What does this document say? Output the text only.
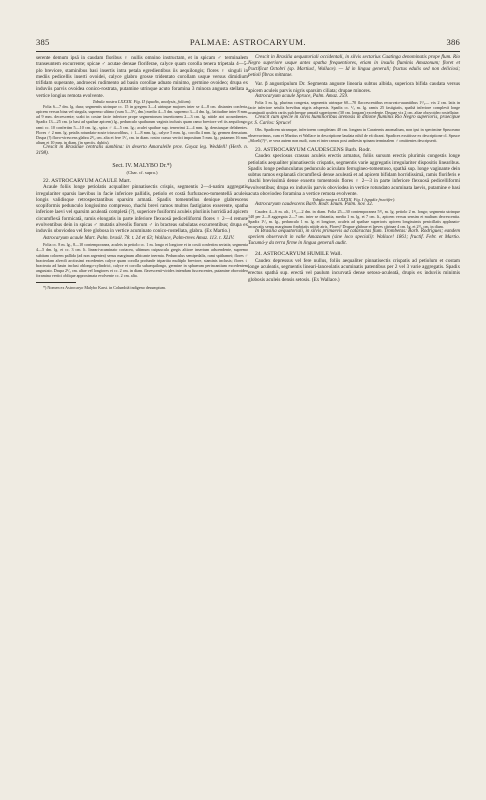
385	PALMAE: ASTROCARYUM.	386

serente demum ipsā in caudam floribus ♀ nullis omnino instructam, et in spicam ♂ terminalem transeuntem excurrente; spicae ♂ acutae densae floriferae, calyce quam corolla tenera tripetala 4—5-plo breviore, staminibus basi insertis intra petala egredientibus iis aequilongis; flores ♀ singuli in mediis pedicellis inserti ovoidei, calyce glabro grosse tridentato corollam usque versus dimidium trifidam superante, androecei rudimento ad basin corollae adnato minimo, germine ovoideo; drupa ex induviis parvis ovoidea conico-rostrata, putamine utrinque acuto foramina 3 minora angusta stellata a vertice longius remota evolvente.

Tabula nostra LXXXII. Fig. II (spadix, analysis, folium).

Folia 6—7 dm. lg. dura; segmentis utrinque cc. 15 in gregem 3—4 utrinque majores inter se 4—8 cm. distantes conferta, apicem versus bina vel singula, supremo ultimo (cum 5—5¹/₂ dm.) medio 4—5 dm. supremo 3—4 dm. lg., latitudine inter 8 mm. ad 9 mm. decrescente; scabi in costae facie inferiore prope segmentorum insertionem 2—3 cm. lg. nitide atri accumbentes. Spadix 13—25 cm. (a basi ad spathae apicem) lg., pedunculo spatharum vaginis inclusis quam ramo breviore vel iis aequilongo; rami cc. 10 confertim 5—10 cm. lg., spica ♂ 4—5 cm. lg.; aculei spathae sup. tenerrimi 2—4 mm. lg. densiusque delabentes. Flores ♂ 2 mm. lg. petalis rotundato-acute triuscrolibus, ♀ 1—8 mm. lg., calyce 5 mm. lg., corolla 4 mm. lg. germen densatum. Drupa (!) flavo-virescens glabra 2¹/₂ cm. alta et fere 1¹/₂ cm. in diam. rostro crasso vertici impositum 5 mm. lg.; putamen 16 mm. altum et 10 mm. in diam. (in speciis. dubiis).

Crescit in Brasiliae centralis sumbina: in deserto Amaralelle prov. Goyaz leg. Weddell! (Herb. n. 3198).

Sect. IV. MALYBO Dr.*)
(Char. cf. supra.)
22. ASTROCARYUM ACAULE Mart.

Acaule foliis longe petiolatis acqualiter pinnatisectis crispis, segmentis 2—4-natim aggregatis irregulariter sparsis laevibus in facie inferiore pallidis, petiolo et costā furfuraceo-tomentellā aculeis longis validisque retrospectantibus sparsim armatā. Spadix tomentellus denique glabrescens scopiformis pedunculo longissimo compresso, rhachi brevi ramos multos fastigiatos exserente, spatha inferiore laevi vel sparsim aculeatā completā (?), superiore fusiformi aculeis pluriinis horridā ad apicem circumflexā formicatā, ramis elongatis in parte inferiore flexuosā pedicelliformi flores ♀ 2—4 remote evolventibus dein in spicas ♂ mutatis alveolis florum ♂ in bracteas subulatas excurrentibus; drupa ex induviis oboviodea vel fere globosa in vertice acuminato conico-rostellata, glabra. (Ex Martio.)

Astrocaryum acaule Mart. Palm. brasil. 78. t. 24 et 63; Wallace, Palm-trees Amaz. 113. t. XLIV.

Folia cc. 8 m. lg., 8—10 contemporanea, aculeis in petiolo cc. 1 m. longo et longiore et in costā confertim seriatis; segmenta 4—5 dm. lg. et cc. 3 cm. lt. lineari-acuminato coriacea, ultimum cuipuscula gregis altiore insertum adscendente, supremo subitam colorem pallida (ad non argentea) sensu marginum albicante inermia. Pedunculus semipedalis, rami spithamei; flores ♂ bracteolam alveoli arctissimi excedentes calyce quam corolla profunde tripartita multiplo breviore, staminis inclusis; flores ♀ bracteata ad basin inclusi oblongo-cylindrici, calyce et corolla subaequilongo, germine in sphaeram perincantium excedentem angustato. Drupa 2¹/₂ cm. altae vel longiores et cc. 2 cm. in diam. flavescenti-virides intendum fuscescentes, putamine obovoideo foramina vertici oblique approximata evolvente cc. 2 cm. alta.

*) Nomen ex Astrocaryo Malybo Karst. in Columbiā indigeno desumptum.

Crescit in Brasilia aequatoriali occidentali, in silvis sectarius Caatinga denominatis prope flum. Rio Negro superiore usque antes spatha frequentiores, etiam in insulis fluminis Amazonum; floret et fructificat Octobri (sp. Martius!, Wallace). — Id in lingua generali; fructus edulis sed non deliciosi; petioli fibras mittatae.

Var. β angustipulum Dr. Segmenta anguste linearia subtus albida, superiora bifida caudata versus apicem aculeis parvis nigris sparsim ciliata; drupae minores.

Astrocaryum acaule Spruce, Palm. Amaz. 259.

Folia 3 m. lg. plurima congesta, segmentis utrinque 60—70 flaccescentibus recurvato-auantiibus 1¹/₂— vix 2 cm. latis in facie inferiore setulis brevibus nigris adspersis. Spadix cc. ¹/₂ m. lg. ramis 25 fastigiatis, spathā inferiore complevā longe acuminatā aculeis rariis pulchreque armatā superiorem (30 cm. longam) excedente. Drupae vix 2 cm. altae obovoideo rostellatae.

Crescit cum specie in silvis humilioribus arenosis in ditione fluminis Rio Negro superioris, praecipue pr. S. Carlos: Spruce!

Obs. Spadicem utramque, inferiorem completam 40 cm. longam in Caraternis anomalium, non ipsi in specimine Spruceano observavimus, cum et Martius et Wallace in descriptione laudata nihil de eā dicant. Spadices exstitisse ex descriptione cl. Spruce „Siloeli(?)“, re vera autem non nudi, cum et inter ramos post anthesin spinam terminalem ♂ omittentes descripserit.

23. ASTROCARYUM CAUDESCENS Barb. Rodr.

Caudex speciosus crassus aculeis erectis armatus, foliis sursum erectis plurimis congestis longe petiolatis aequaliter pinnatisectis crispatis, segmentis varie aggregatis irregulariter dispositis linearibus. Spadix longe pedunculatus pedunculo aciculato ferrugineo-tomentoso, spathā sup. longe vaginante dein subtus ramos explanatā circumflexā dense aculeatā et ad apicem bifidam horridissimā, ramis floriferis e rhachi brevissimā dense exserto tomentosis flores ♀ 2—3 in parte inferiore flexuosā pedicelliformi evolventibus; drupa ex induviis parvis oboviodea in vertice rotundato acuminata laevis, putamine e basi acuta oboviodeo foramina a vertice remota evolvente.

Tabula nostra LXXXII. Fig. I (spadix fructifer).

Astrocaryum caudescens Barb. Rodr. Enum. Palm. nov. 32.

Caudex 4—6 m. alt., 1¹/₂—2 dm. in diam. Folia 25—30 contemporanea 5¹/₂ m. lg. petiolo 2 m. longo; segmenta utrinque 140 per 2—8 aggregata 2—7 cm. inter se distantia, media 1 m. lg. et 7 cm. lt., apicem versus sensim et multum decrescentia. Spadix 1¹/₂ m. lg., pedunculo 1 m. lg. et longiore, aculeis ad spathae superioris apicem longissimis penicillatis applanato-incurvatis sensu marginum fimbriatis nitide atris. Flores? Drupae glabrae et laeves citrinae 4 cm. lg. et 2¹/₂ cm. in diam.

In Brasilia aequatoriali, in silvis primaevis ad cataractas flum. Trombetas: Barb. Rodrigues; eandem speciem observavit in valle Amazonum (sine loco speciali): Wallace! 1861; fructif. Febr. et Martio. Tucumá-y da terra firme in lingua generali audit.

24. ASTROCARYUM HUMILE Wall.

Caudex depressus vel fere nullus, foliis aequaliter pinnatisectis crispatis ad petiolum et costam longe aculeatis, segmentis lineari-lanceolatis acuminatis patentibus per 2 vel 3 varie aggregatis. Spadix erectus spathā sup. erectā vel paulum incurvatā dense setoso-aculeatā, drupis ex induviis minimis globosis aculeis densis setosis. (Ex Wallace.)
